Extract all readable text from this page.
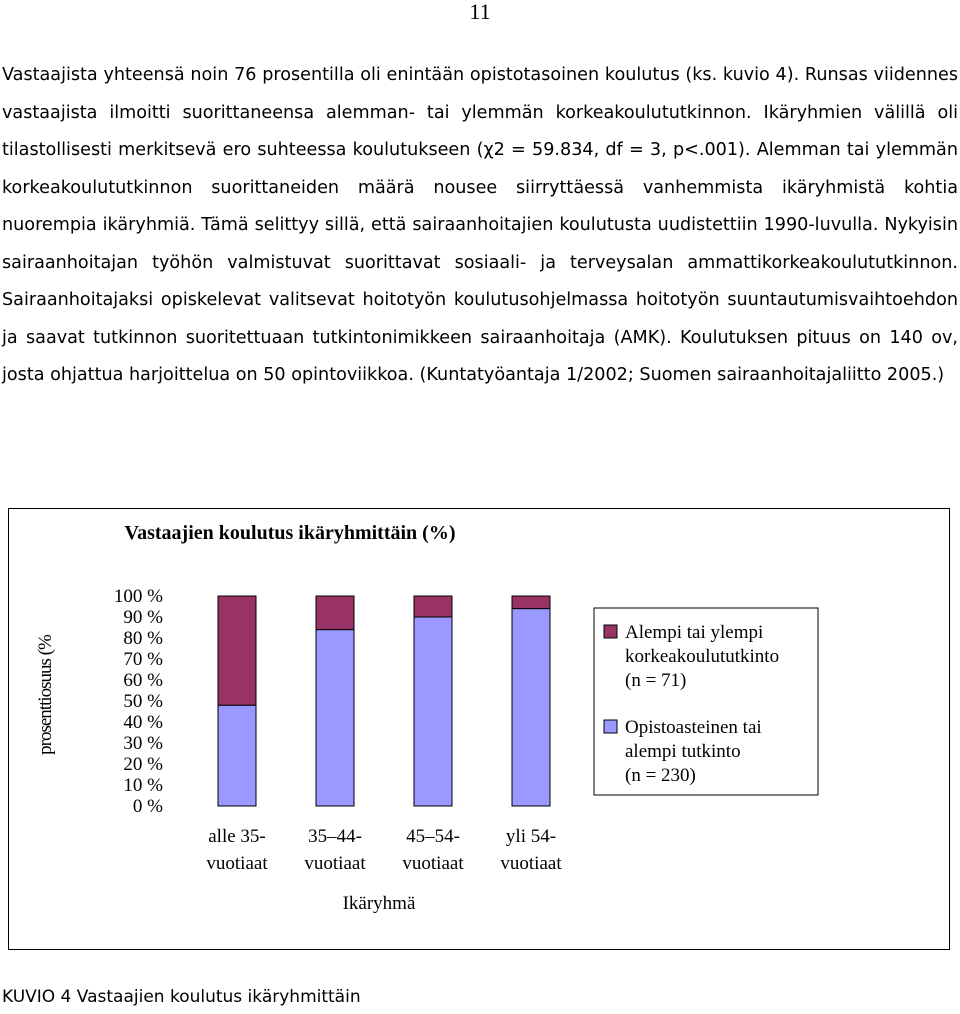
11

Vastaajista yhteensä noin 76 prosentilla oli enintään opistotasoinen koulutus (ks. kuvio 4). Runsas viidennes vastaajista ilmoitti suorittaneensa alemman- tai ylemmän korkeakoulututkinnon. Ikäryhmien välillä oli tilastollisesti merkitsevä ero suhteessa koulutukseen (χ2 = 59.834, df = 3, p<.001). Alemman tai ylemmän korkeakoulututkinnon suorittaneiden määrä nousee siirryttäessä vanhemmista ikäryhmistä kohtia nuorempia ikäryhmiä. Tämä selittyy sillä, että sairaanhoitajien koulutusta uudistettiin 1990-luvulla. Nykyisin sairaanhoitajan työhön valmistuvat suorittavat sosiaali- ja terveysalan ammattikorkeakoulututkinnon. Sairaanhoitajaksi opiskelevat valitsevat hoitotyön koulutusohjelmassa hoitotyön suuntautumisvaihtoehdon ja saavat tutkinnon suoritettuaan tutkintonimikkeen sairaanhoitaja (AMK). Koulutuksen pituus on 140 ov, josta ohjattua harjoittelua on 50 opintoviikkoa. (Kuntatyöantaja 1/2002; Suomen sairaanhoitajaliitto 2005.)

0 %
10 %
20 %
30 %
40 %
50 %
60 %
70 %
80 %
90 %
100 %
alle 35-
vuotiaat
35–44-
vuotiaat
45–54-
vuotiaat
yli 54-
vuotiaat
Ikäryhmä
Alempi tai ylempi
korkeakoulututkinto
(n = 71)
Opistoasteinen tai
alempi tutkinto
(n = 230)
Vastaajien koulutus ikäryhmittäin (%)
prosenttiosuus (%
KUVIO 4 Vastaajien koulutus ikäryhmittäin
